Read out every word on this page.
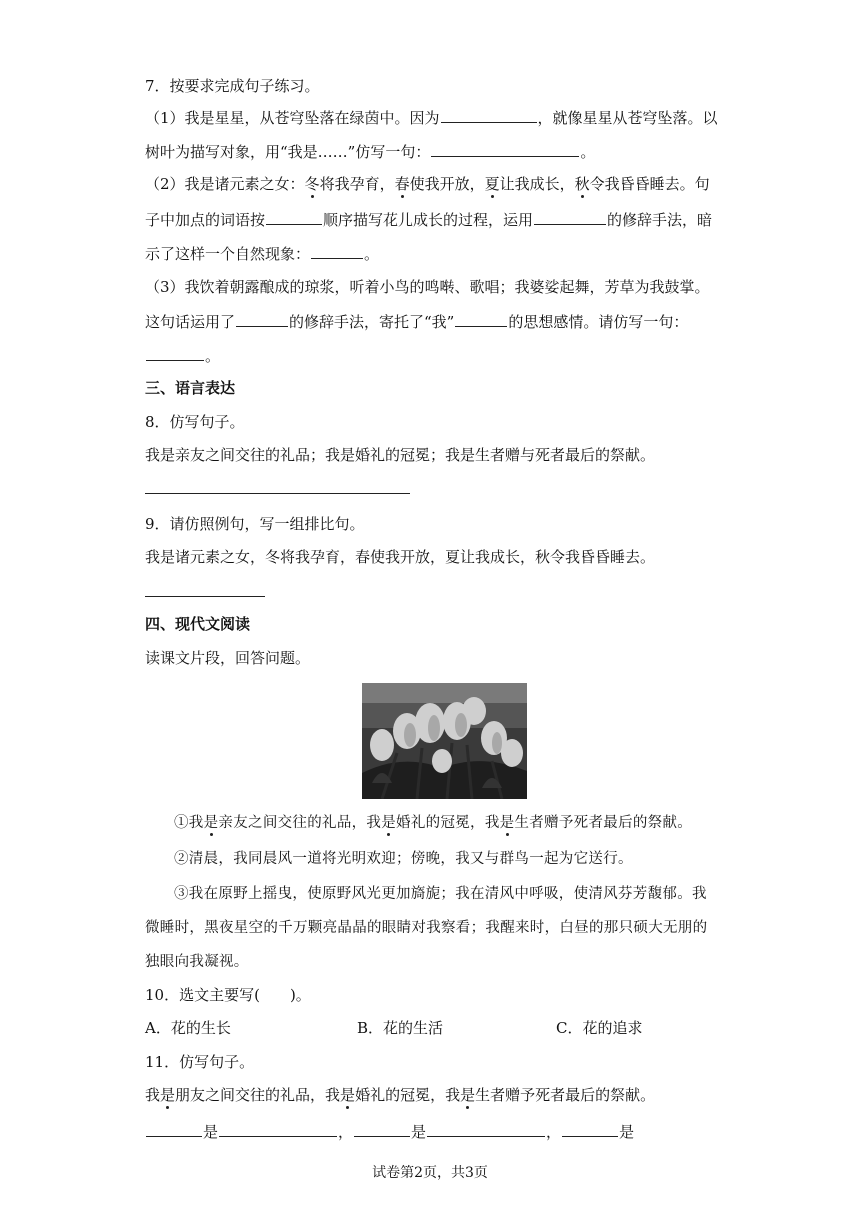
7．按要求完成句子练习。
（1）我是星星，从苍穹坠落在绿茵中。因为	，就像星星从苍穹坠落。以
树叶为描写对象，用“我是……”仿写一句：	。
（2）我是诸元素之女：冬将我孕育，春使我开放，夏让我成长，秋令我昏昏睡去。句
子中加点的词语按	顺序描写花儿成长的过程，运用	的修辞手法，暗
示了这样一个自然现象：	。
（3）我饮着朝露酿成的琼浆，听着小鸟的鸣啭、歌唱；我婆娑起舞，芳草为我鼓掌。
这句话运用了	的修辞手法，寄托了“我”	的思想感情。请仿写一句：
。
三、语言表达
8．仿写句子。
我是亲友之间交往的礼品；我是婚礼的冠冕；我是生者赠与死者最后的祭献。
9．请仿照例句，写一组排比句。
我是诸元素之女，冬将我孕育，春使我开放，夏让我成长，秋令我昏昏睡去。
四、现代文阅读
读课文片段，回答问题。
①我是亲友之间交往的礼品，我是婚礼的冠冕，我是生者赠予死者最后的祭献。
②清晨，我同晨风一道将光明欢迎；傍晚，我又与群鸟一起为它送行。
③我在原野上摇曳，使原野风光更加旖旎；我在清风中呼吸，使清风芬芳馥郁。我
微睡时，黑夜星空的千万颗亮晶晶的眼睛对我察看；我醒来时，白昼的那只硕大无朋的
独眼向我凝视。
10．选文主要写(　　)。
A．花的生长	B．花的生活	C．花的追求
11．仿写句子。
我是朋友之间交往的礼品，我是婚礼的冠冕，我是生者赠予死者最后的祭献。
是	，	是	，	是
试卷第2页，共3页
